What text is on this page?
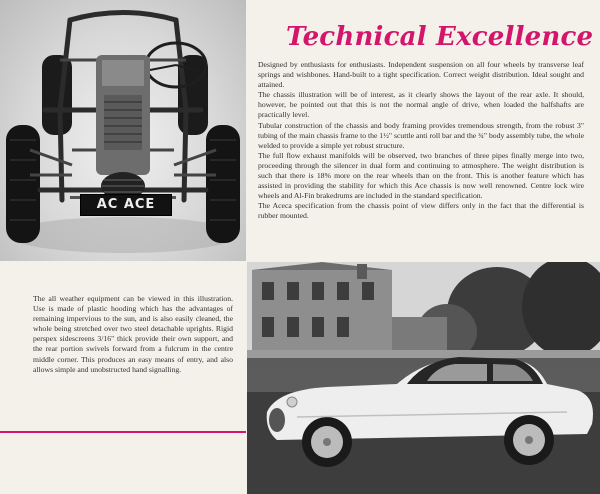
AC ACE
Technical Excellence

Designed by enthusiasts for enthusiasts. Independent suspension on all four wheels by transverse leaf springs and wishbones. Hand-built to a tight specification. Correct weight distribution. Ideal sought and attained.

The chassis illustration will be of interest, as it clearly shows the layout of the rear axle. It should, however, be pointed out that this is not the normal angle of drive, when loaded the halfshafts are practically level.

Tubular construction of the chassis and body framing provides tremendous strength, from the robust 3" tubing of the main chassis frame to the 1½" scuttle anti roll bar and the ¾" body assembly tube, the whole welded to provide a simple yet robust structure.

The full flow exhaust manifolds will be observed, two branches of three pipes finally merge into two, proceeding through the silencer in dual form and continuing to atmosphere. The weight distribution is such that there is 18% more on the rear wheels than on the front. This is another feature which has assisted in providing the stability for which this Ace chassis is now well renowned. Centre lock wire wheels and Al-Fin brakedrums are included in the standard specification.

The Aceca specification from the chassis point of view differs only in the fact that the differential is rubber mounted.

The all weather equipment can be viewed in this illustration. Use is made of plastic hooding which has the advantages of remaining impervious to the sun, and is also easily cleaned, the whole being stretched over two steel detachable uprights. Rigid perspex sidescreens 3/16" thick provide their own support, and the rear portion swivels forward from a fulcrum in the centre middle corner. This produces an easy means of entry, and also allows simple and unobstructed hand signalling.
